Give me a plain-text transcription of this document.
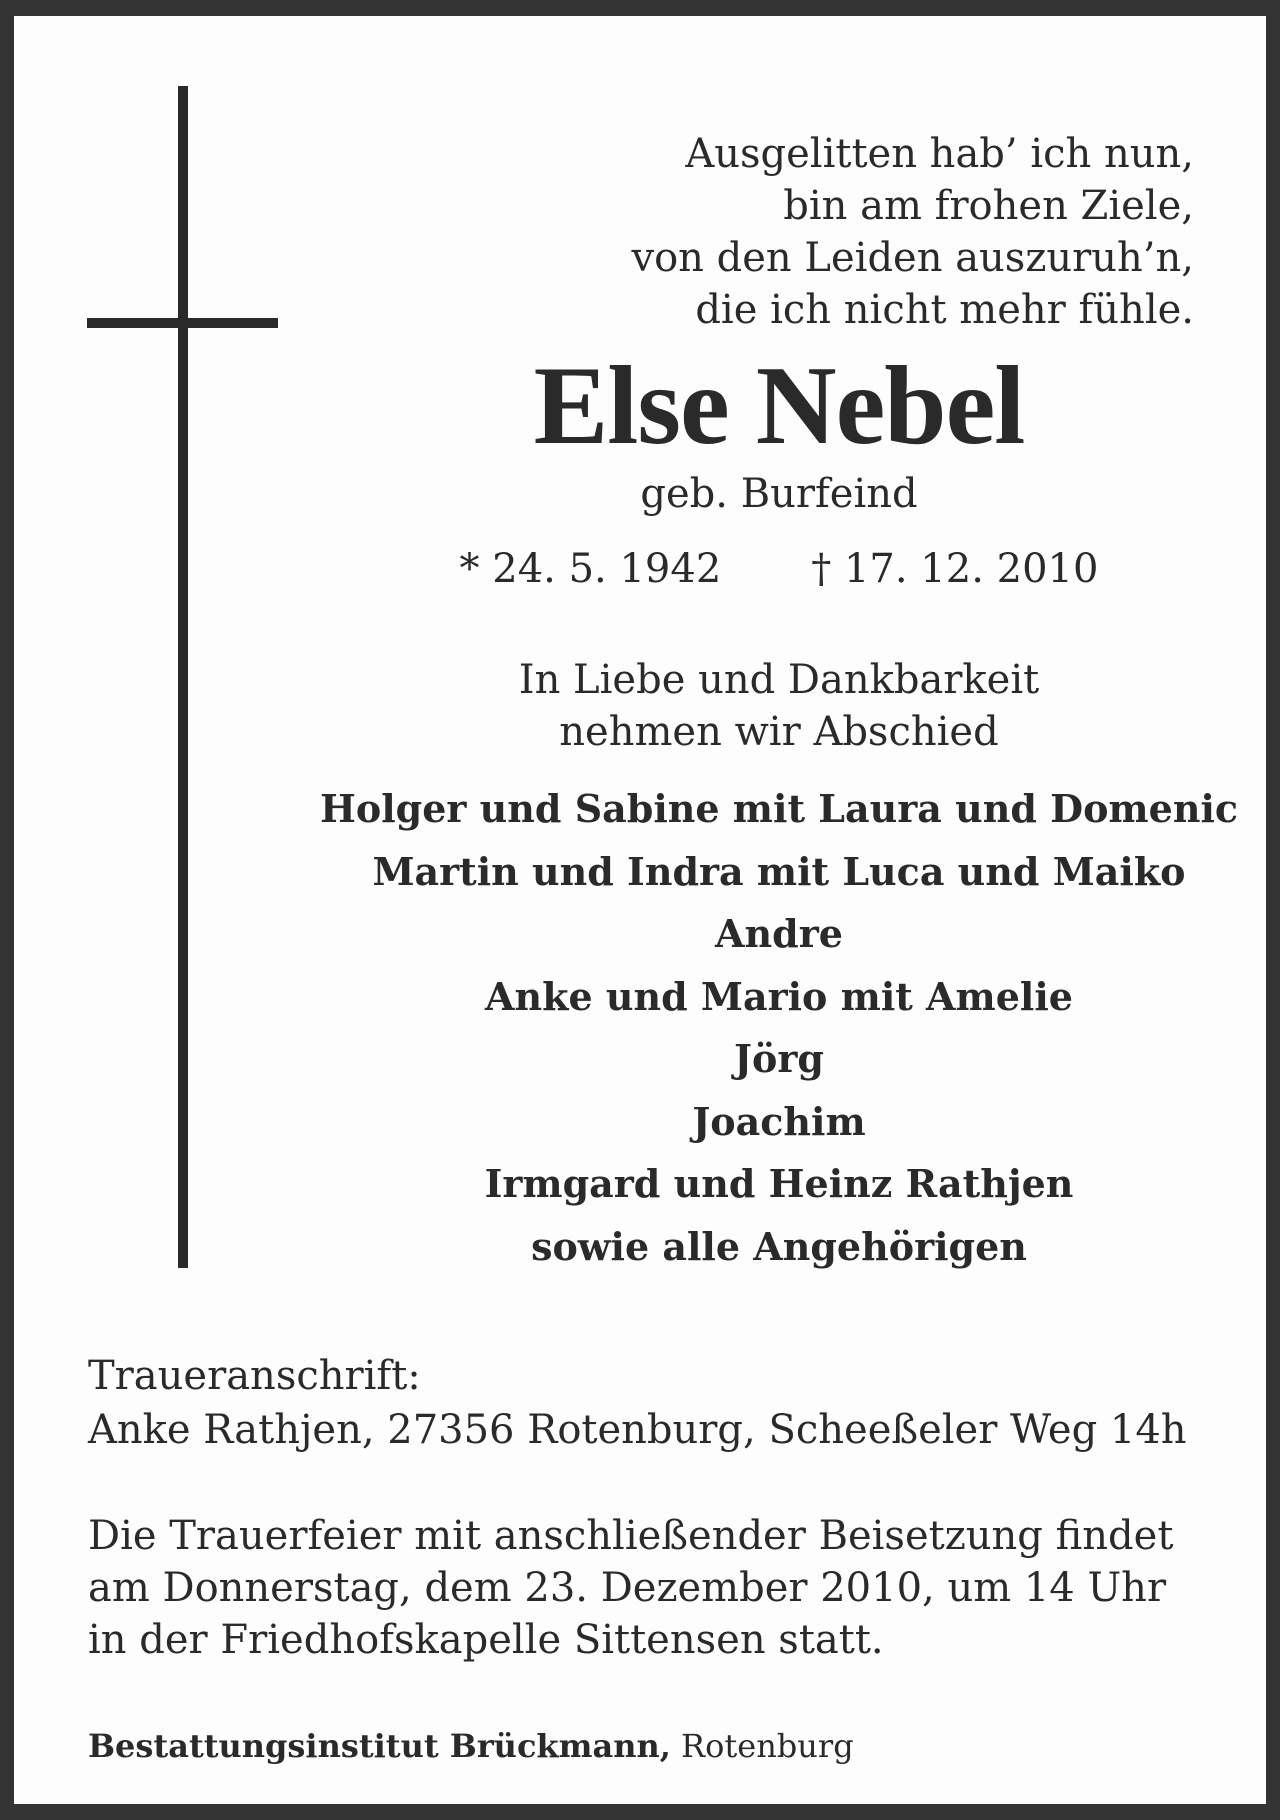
Ausgelitten hab’ ich nun,
bin am frohen Ziele,
von den Leiden auszuruh’n,
die ich nicht mehr fühle.
Else Nebel
geb. Burfeind
* 24. 5. 1942 † 17. 12. 2010
In Liebe und Dankbarkeit
nehmen wir Abschied
Holger und Sabine mit Laura und Domenic
Martin und Indra mit Luca und Maiko
Andre
Anke und Mario mit Amelie
Jörg
Joachim
Irmgard und Heinz Rathjen
sowie alle Angehörigen
Traueranschrift:
Anke Rathjen, 27356 Rotenburg, Scheeßeler Weg 14h
Die Trauerfeier mit anschließender Beisetzung findet
am Donnerstag, dem 23. Dezember 2010, um 14 Uhr
in der Friedhofskapelle Sittensen statt.
Bestattungsinstitut Brückmann, Rotenburg
